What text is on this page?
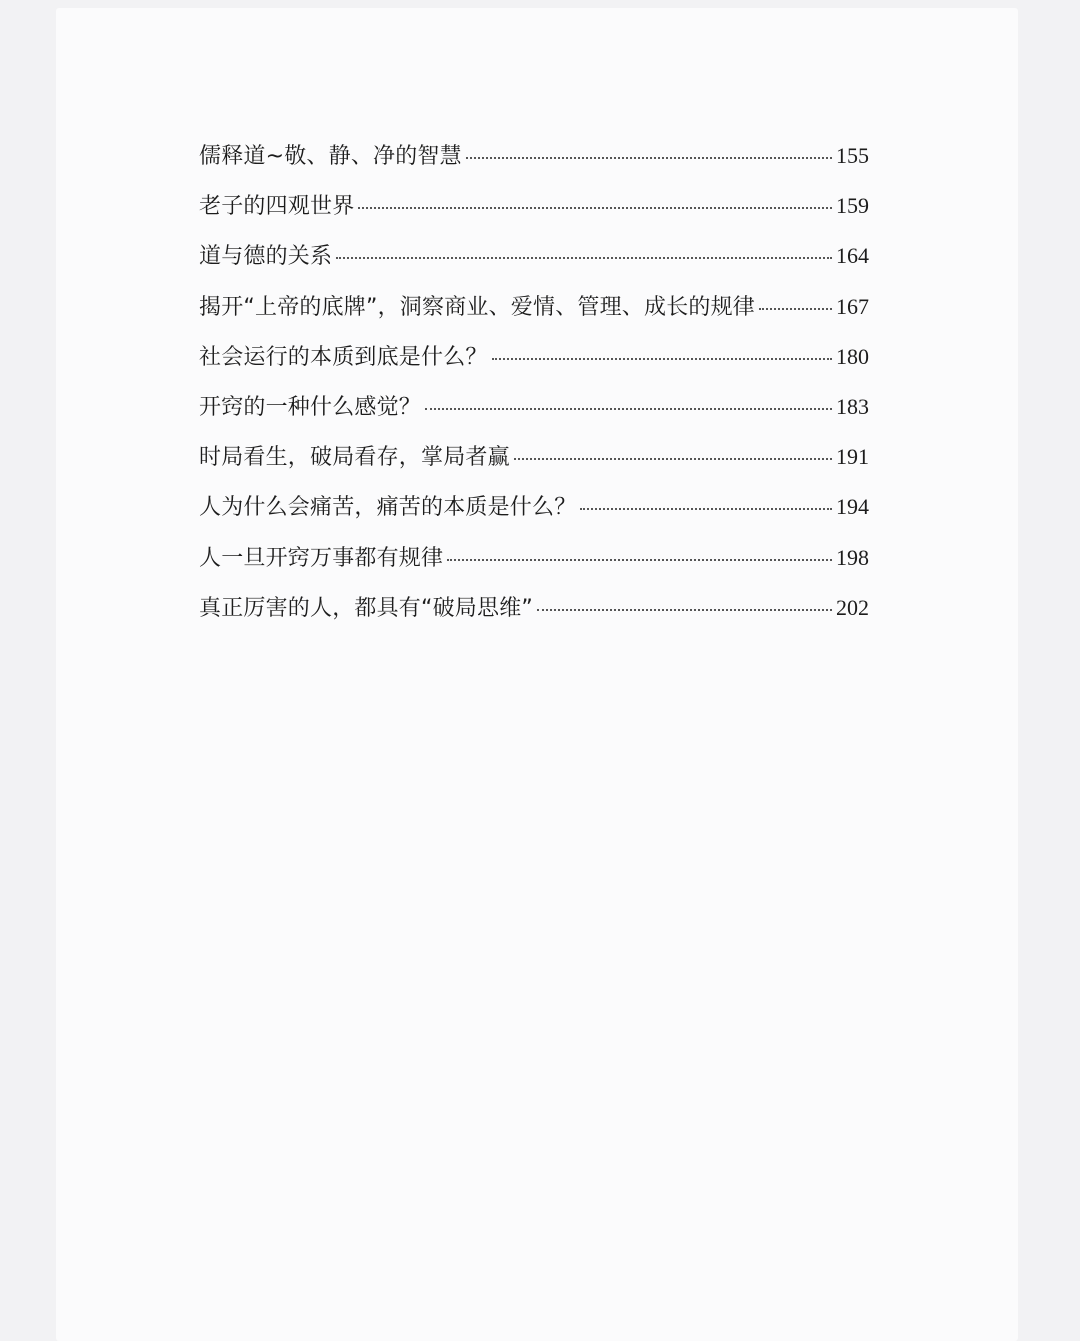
儒释道~敬、静、净的智慧	155
老子的四观世界	159
道与德的关系	164
揭开“上帝的底牌”，洞察商业、爱情、管理、成长的规律	167
社会运行的本质到底是什么？	180
开窍的一种什么感觉？	183
时局看生，破局看存，掌局者赢	191
人为什么会痛苦，痛苦的本质是什么？	194
人一旦开窍万事都有规律	198
真正厉害的人，都具有“破局思维”	202
